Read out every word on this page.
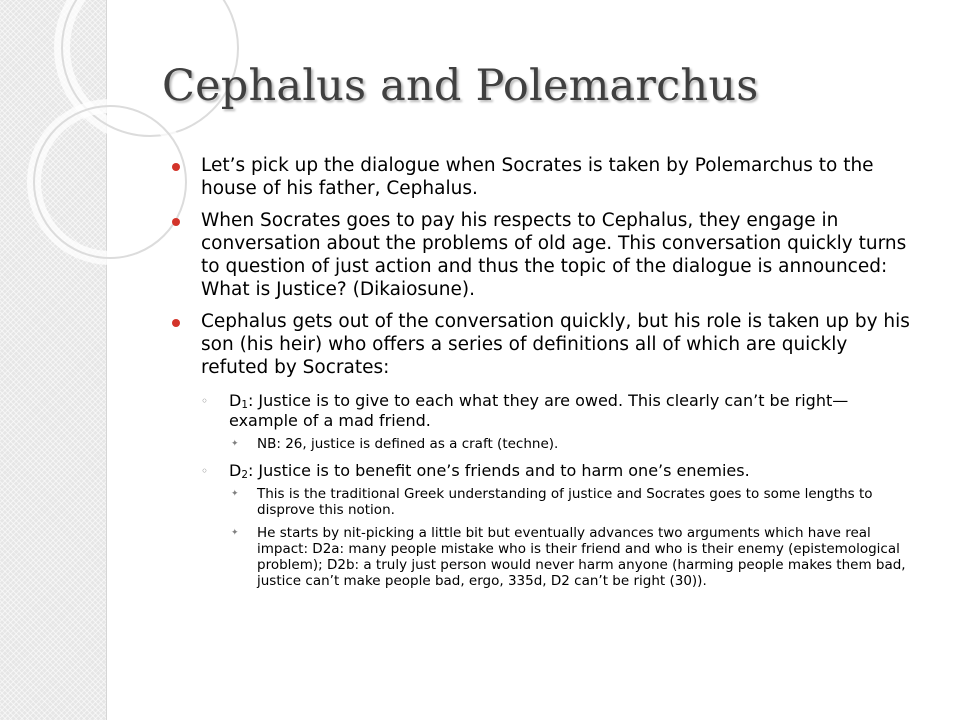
Cephalus and Polemarchus
Let’s pick up the dialogue when Socrates is taken by Polemarchus to the house of his father, Cephalus.
When Socrates goes to pay his respects to Cephalus, they engage in conversation about the problems of old age. This conversation quickly turns to question of just action and thus the topic of the dialogue is announced: What is Justice? (Dikaiosune).
Cephalus gets out of the conversation quickly, but his role is taken up by his son (his heir) who offers a series of definitions all of which are quickly refuted by Socrates:
◦ $D_1$: Justice is to give to each what they are owed. This clearly can’t be right—example of a mad friend.
✦ NB: 26, justice is defined as a craft (techne).
◦ $D_2$: Justice is to benefit one’s friends and to harm one’s enemies.
✦ This is the traditional Greek understanding of justice and Socrates goes to some lengths to disprove this notion.
✦ He starts by nit-picking a little bit but eventually advances two arguments which have real impact: D2a: many people mistake who is their friend and who is their enemy (epistemological problem); D2b: a truly just person would never harm anyone (harming people makes them bad, justice can’t make people bad, ergo, 335d, D2 can’t be right (30)).
